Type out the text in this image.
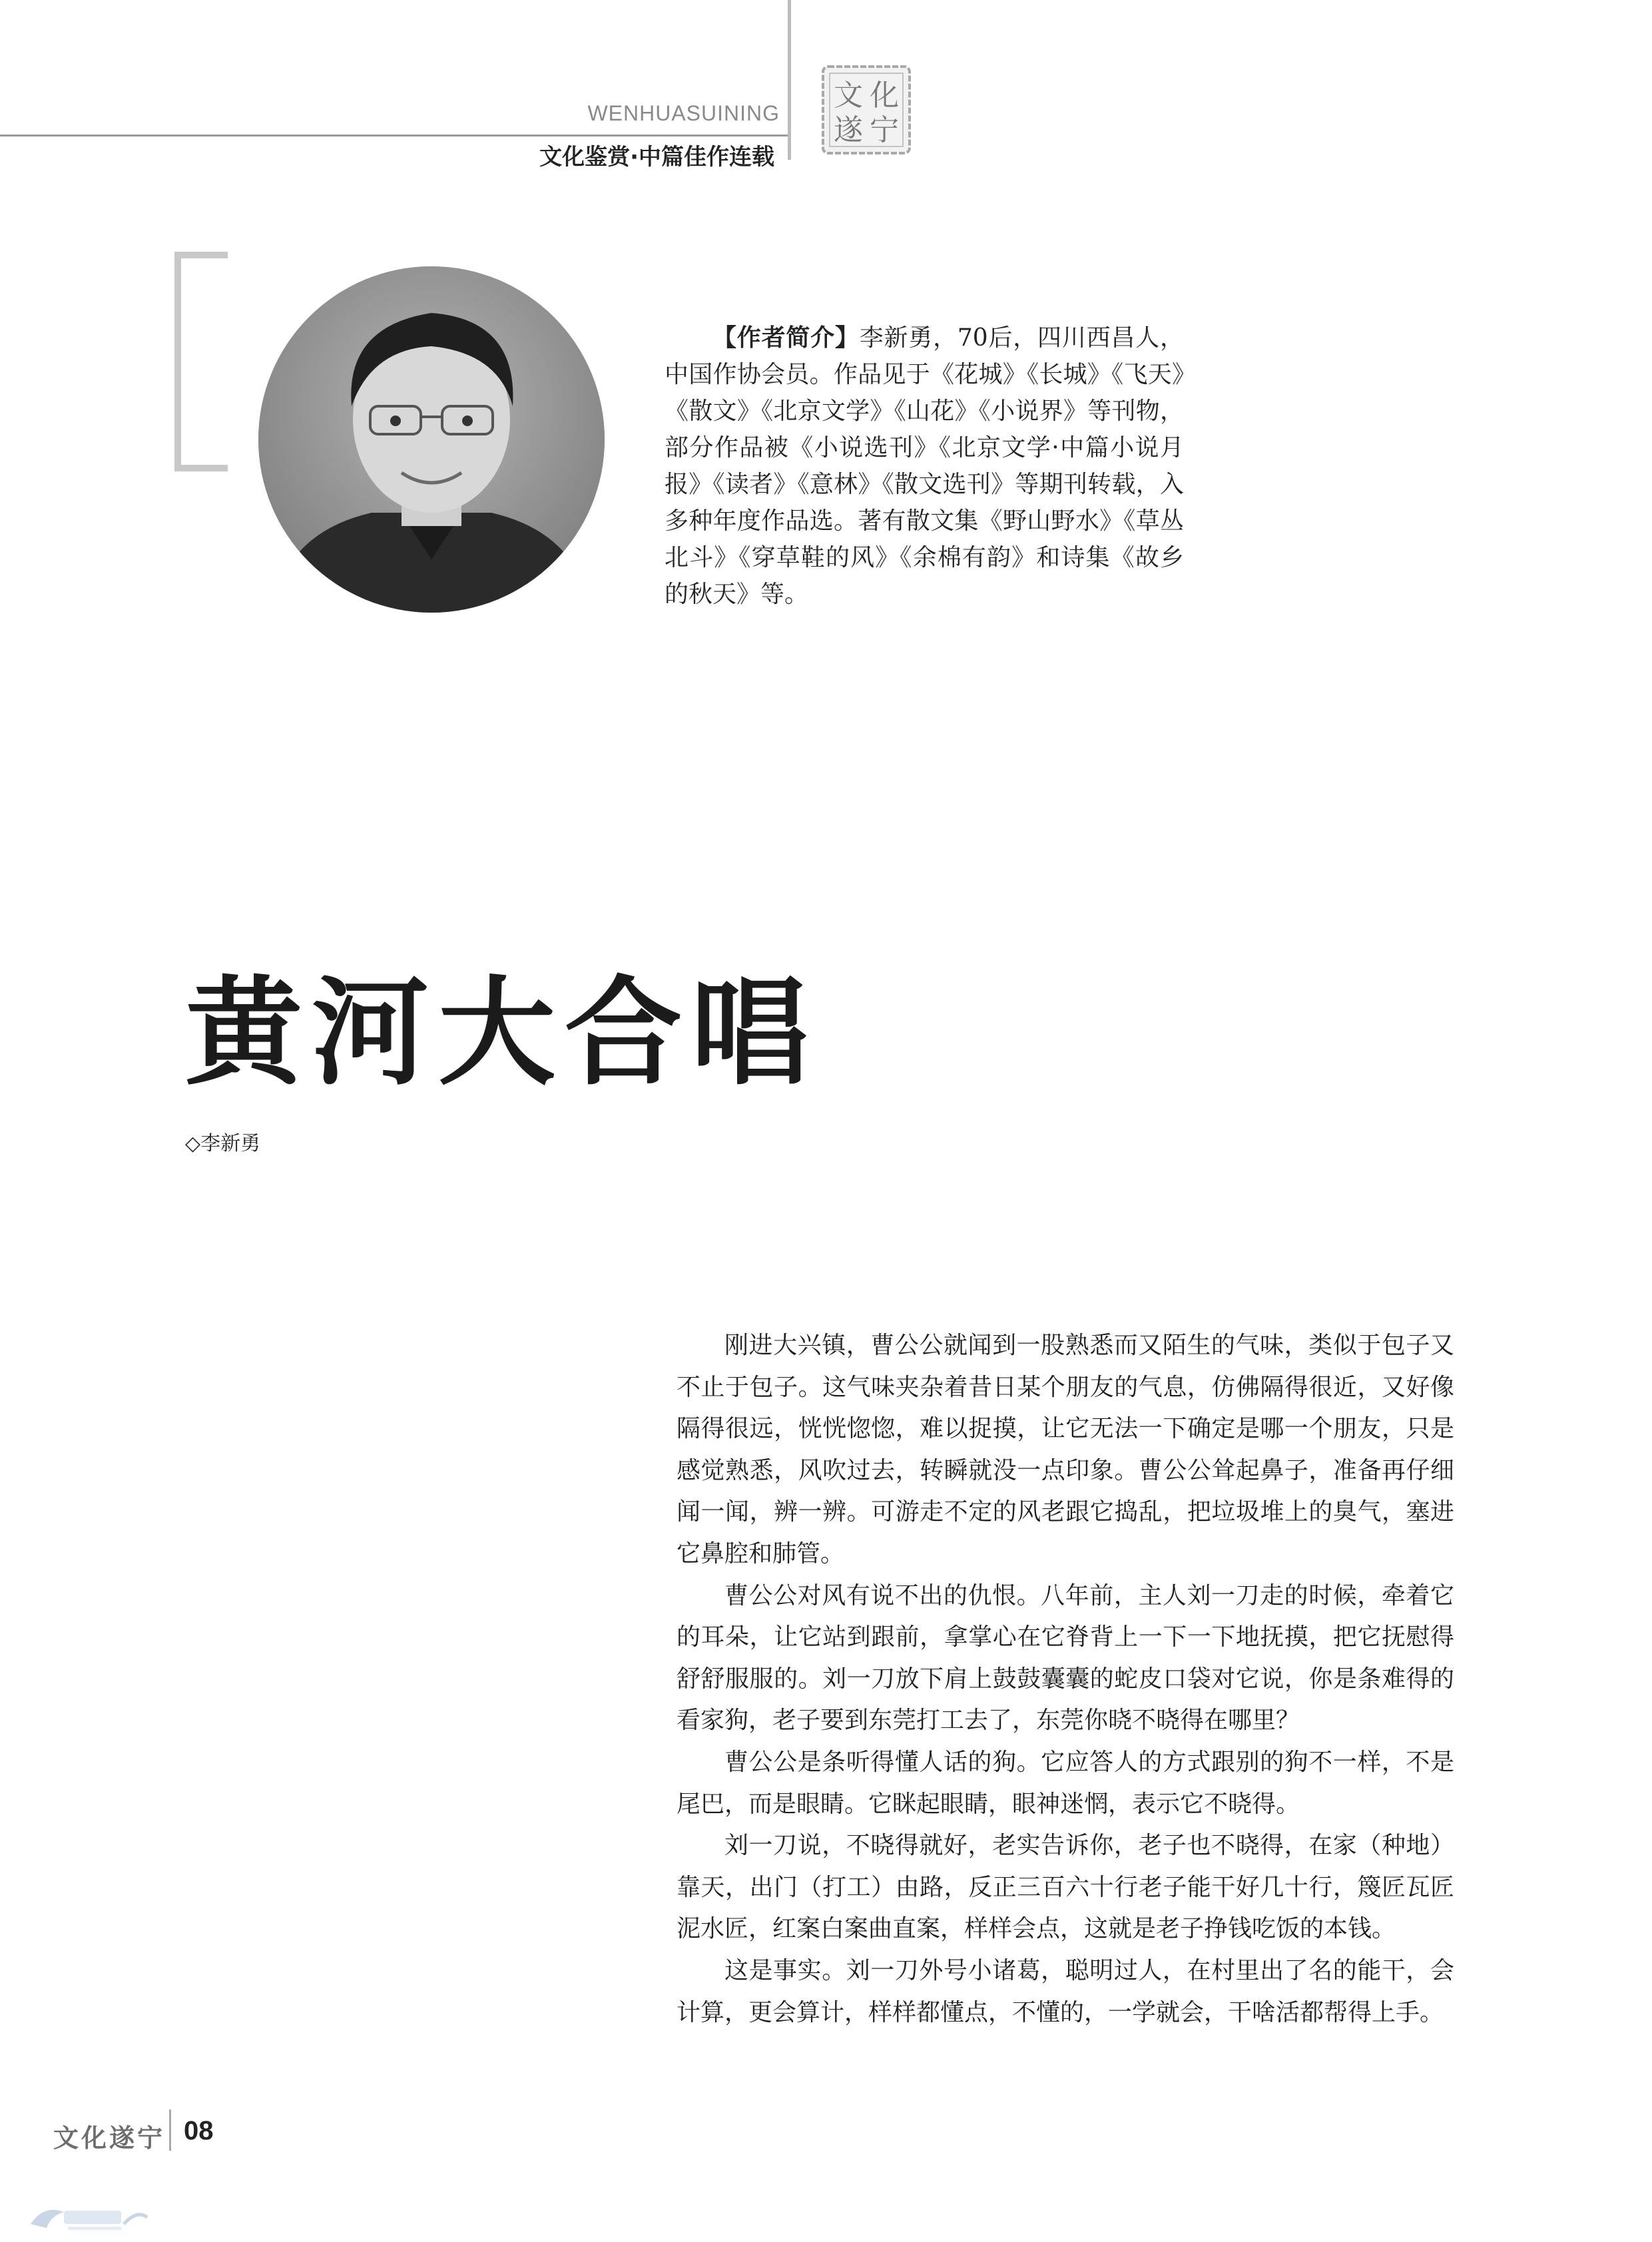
WENHUASUINING
文化鉴赏·中篇佳作连载
文 化
遂 宁
【作者简介】李新勇，70后，四川西昌人，中国作协会员。作品见于《花城》《长城》《飞天》《散文》《北京文学》《山花》《小说界》等刊物，部分作品被《小说选刊》《北京文学·中篇小说月报》《读者》《意林》《散文选刊》等期刊转载，入多种年度作品选。著有散文集《野山野水》《草丛北斗》《穿草鞋的风》《余棉有韵》和诗集《故乡的秋天》等。
黄河大合唱
◇李新勇

刚进大兴镇，曹公公就闻到一股熟悉而又陌生的气味，类似于包子又不止于包子。这气味夹杂着昔日某个朋友的气息，仿佛隔得很近，又好像隔得很远，恍恍惚惚，难以捉摸，让它无法一下确定是哪一个朋友，只是感觉熟悉，风吹过去，转瞬就没一点印象。曹公公耸起鼻子，准备再仔细闻一闻，辨一辨。可游走不定的风老跟它捣乱，把垃圾堆上的臭气，塞进它鼻腔和肺管。

曹公公对风有说不出的仇恨。八年前，主人刘一刀走的时候，牵着它的耳朵，让它站到跟前，拿掌心在它脊背上一下一下地抚摸，把它抚慰得舒舒服服的。刘一刀放下肩上鼓鼓囊囊的蛇皮口袋对它说，你是条难得的看家狗，老子要到东莞打工去了，东莞你晓不晓得在哪里？

曹公公是条听得懂人话的狗。它应答人的方式跟别的狗不一样，不是尾巴，而是眼睛。它眯起眼睛，眼神迷惘，表示它不晓得。

刘一刀说，不晓得就好，老实告诉你，老子也不晓得，在家（种地）靠天，出门（打工）由路，反正三百六十行老子能干好几十行，篾匠瓦匠泥水匠，红案白案曲直案，样样会点，这就是老子挣钱吃饭的本钱。

这是事实。刘一刀外号小诸葛，聪明过人，在村里出了名的能干，会计算，更会算计，样样都懂点，不懂的，一学就会，干啥活都帮得上手。

文化遂宁 08
